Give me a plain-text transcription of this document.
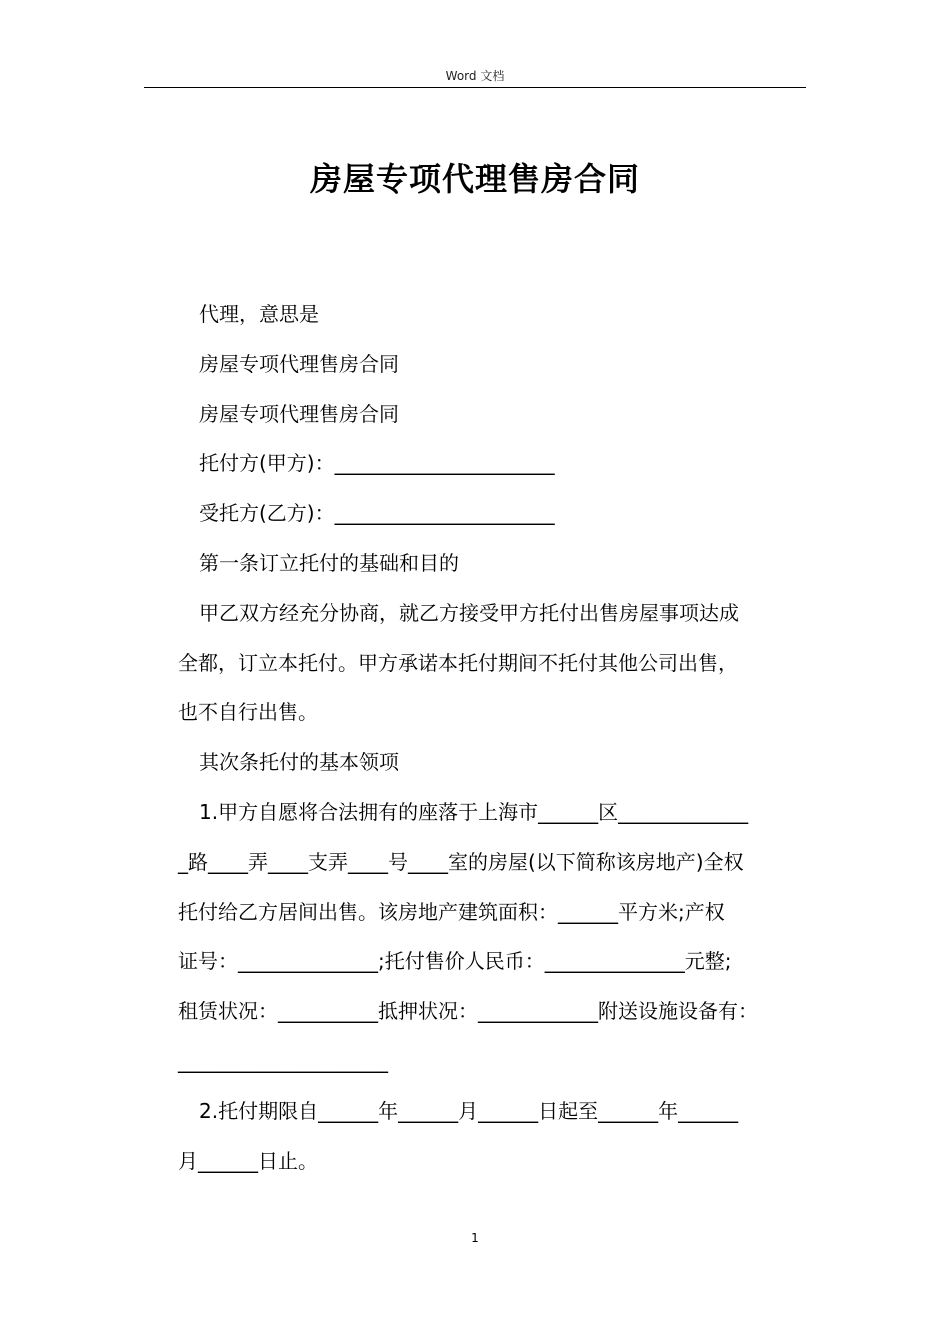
Word 文档
房屋专项代理售房合同
代理，意思是
房屋专项代理售房合同
房屋专项代理售房合同
托付方(甲方)：______________________
受托方(乙方)：______________________
第一条订立托付的基础和目的
甲乙双方经充分协商，就乙方接受甲方托付出售房屋事项达成
全都，订立本托付。甲方承诺本托付期间不托付其他公司出售，
也不自行出售。
其次条托付的基本领项
1.甲方自愿将合法拥有的座落于上海市______区_____________
_路____弄____支弄____号____室的房屋(以下简称该房地产)全权
托付给乙方居间出售。该房地产建筑面积：______平方米;产权
证号：______________;托付售价人民币：______________元整;
租赁状况：__________抵押状况：____________附送设施设备有：
_____________________
2.托付期限自______年______月______日起至______年______
月______日止。
1
